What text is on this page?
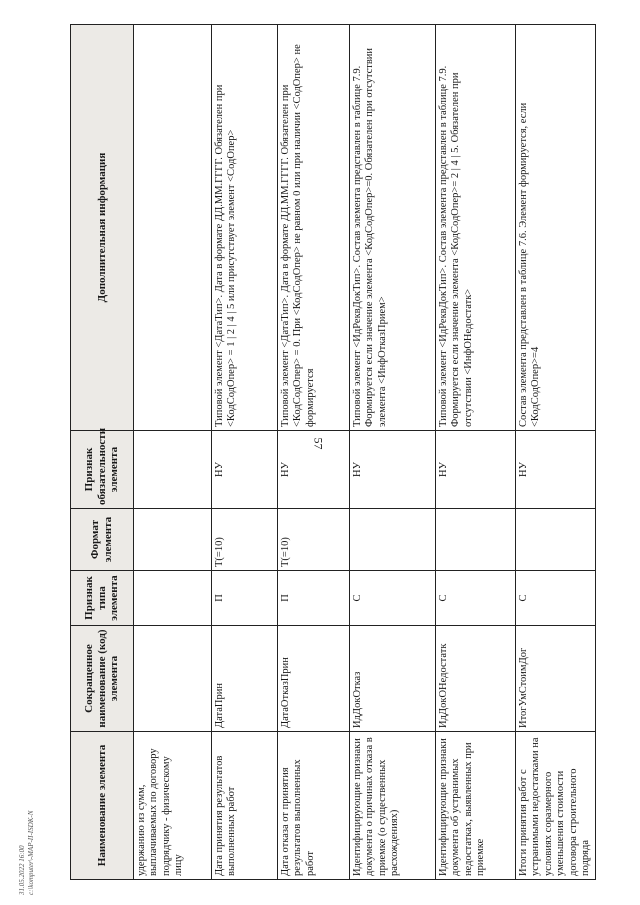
57
Наименование элемента	Сокращенное наименование (код) элемента	Признак типа элемента	Формат элемента	Признак обязательности элемента	Дополнительная информация
удержанию из сумм, выплачиваемых по договору подрядчику - физическому лицу					
Дата принятия результатов выполненных работ	ДатаПрин	П	T(=10)	НУ	Типовой элемент <ДатаТип>. Дата в формате ДД.ММ.ГГГГ. Обязателен при <КодСодОпер> = 1 | 2 | 4 | 5 или присутствует элемент <СодОпер>
Дата отказа от принятия результатов выполненных работ	ДатаОтказПрин	П	T(=10)	НУ	Типовой элемент <ДатаТип>. Дата в формате ДД.ММ.ГГГГ. Обязателен при <КодСодОпер> = 0. При <КодСодОпер> не равном 0 или при наличии <СодОпер> не формируется
Идентифицирующие признаки документа о причинах отказа в приемке (о существенных расхождениях)	ИдДокОтказ	С		НУ	Типовой элемент <ИдРеквДокТип>. Состав элемента представлен в таблице 7.9. Формируется если значение элемента <КодСодОпер>=0. Обязателен при отсутствии элемента <ИнфОтказПрием>
Идентифицирующие признаки документа об устранимых недостатках, выявленных при приемке	ИдДокОНедостатк	С		НУ	Типовой элемент <ИдРеквДокТип>. Состав элемента представлен в таблице 7.9. Формируется если значение элемента <КодСодОпер>= 2 | 4 | 5. Обязателен при отсутствии <ИнфОНедостатк>
Итоги принятия работ с устранимыми недостатками на условиях соразмерного уменьшения стоимости договора строительного подряда	ИтогУмСтоимДог	С		НУ	Состав элемента представлен в таблице 7.6. Элемент формируется, если <КодСодОпер>=4
31.05.2022 16:00 c:\komputer\-MAP-II-ISDK-N
